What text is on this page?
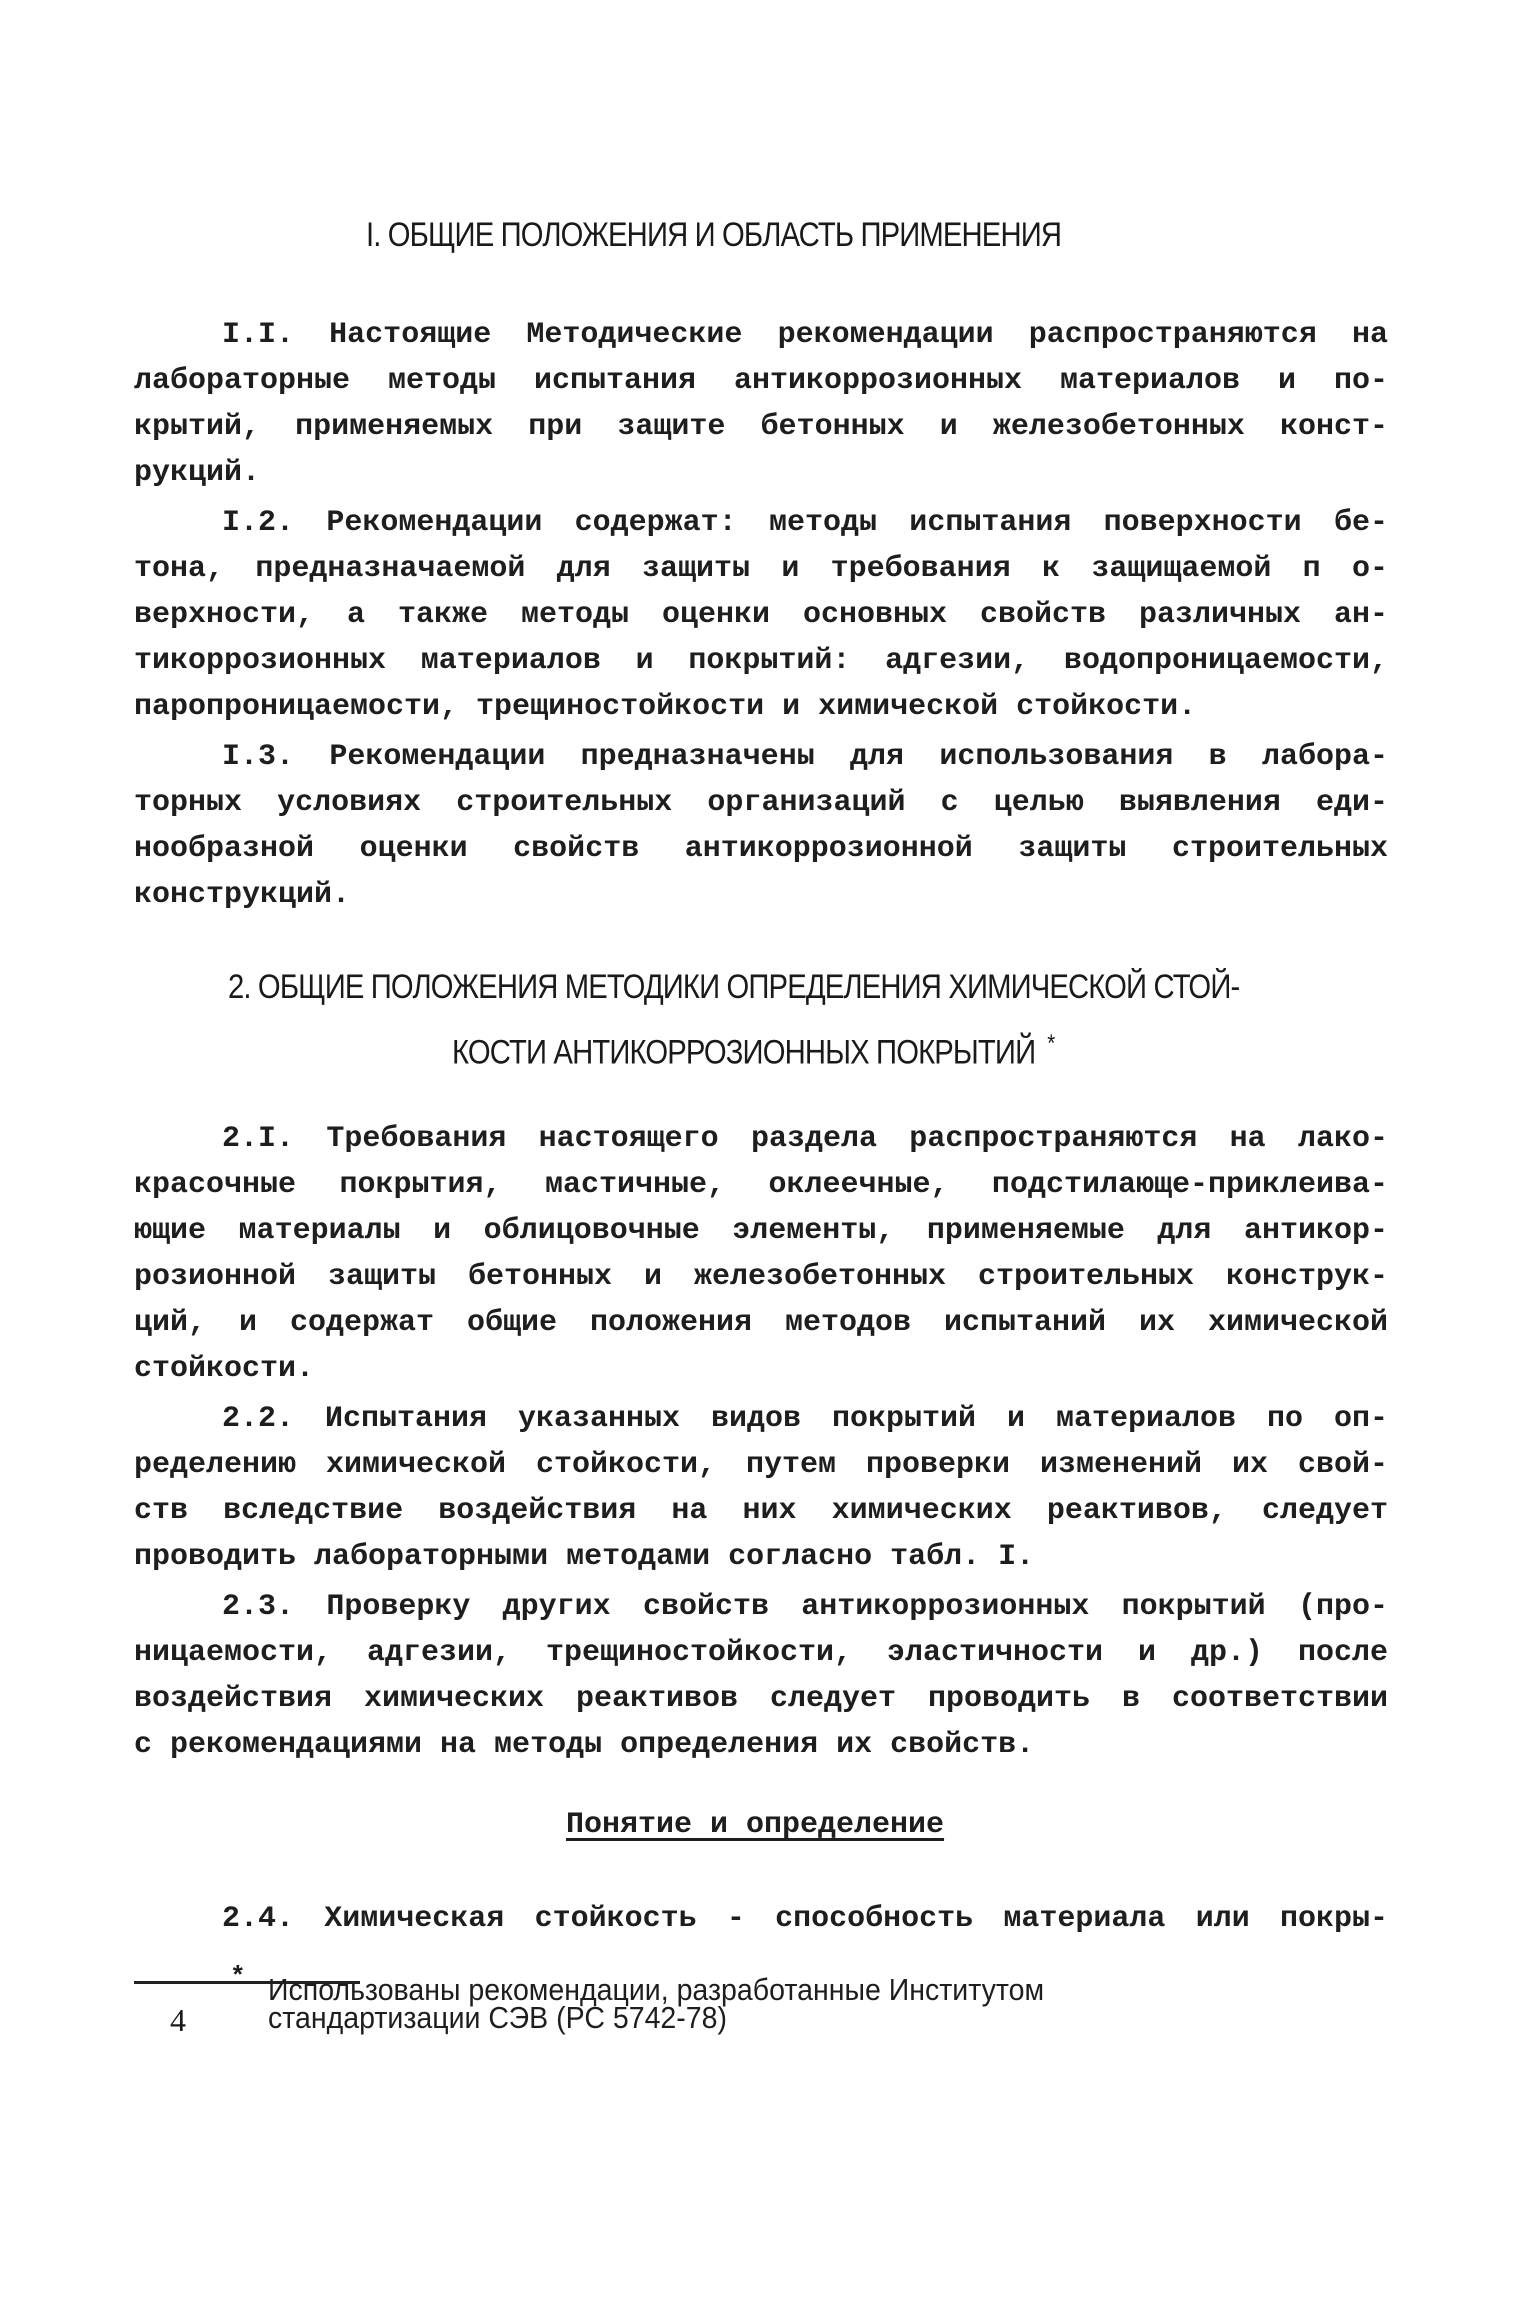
I. ОБЩИЕ ПОЛОЖЕНИЯ И ОБЛАСТЬ ПРИМЕНЕНИЯ
I.I. Настоящие Методические рекомендации распространяются на
лабораторные методы испытания антикоррозионных материалов и по-
крытий, применяемых при защите бетонных и железобетонных конст-
рукций.
I.2. Рекомендации содержат: методы испытания поверхности бе-
тона, предназначаемой для защиты и требования к защищаемой п о-
верхности, а также методы оценки основных свойств различных ан-
тикоррозионных материалов и покрытий: адгезии, водопроницаемости,
паропроницаемости, трещиностойкости и химической стойкости.
I.3. Рекомендации предназначены для использования в лабора-
торных условиях строительных организаций с целью выявления еди-
нообразной оценки свойств антикоррозионной защиты строительных
конструкций.
2. ОБЩИЕ ПОЛОЖЕНИЯ МЕТОДИКИ ОПРЕДЕЛЕНИЯ ХИМИЧЕСКОЙ СТОЙ-
КОСТИ АНТИКОРРОЗИОННЫХ ПОКРЫТИЙ *
2.I. Требования настоящего раздела распространяются на лако-
красочные покрытия, мастичные, оклеечные, подстилающе-приклеива-
ющие материалы и облицовочные элементы, применяемые для антикор-
розионной защиты бетонных и железобетонных строительных конструк-
ций, и содержат общие положения методов испытаний их химической
стойкости.
2.2. Испытания указанных видов покрытий и материалов по оп-
ределению химической стойкости, путем проверки изменений их свой-
ств вследствие воздействия на них химических реактивов, следует
проводить лабораторными методами согласно табл. I.
2.3. Проверку других свойств антикоррозионных покрытий (про-
ницаемости, адгезии, трещиностойкости, эластичности и др.) после
воздействия химических реактивов следует проводить в соответствии
с рекомендациями на методы определения их свойств.
Понятие и определение
2.4. Химическая стойкость - способность материала или покры-
* Использованы рекомендации, разработанные Институтом
стандартизации СЭВ (РС 5742-78)
4
